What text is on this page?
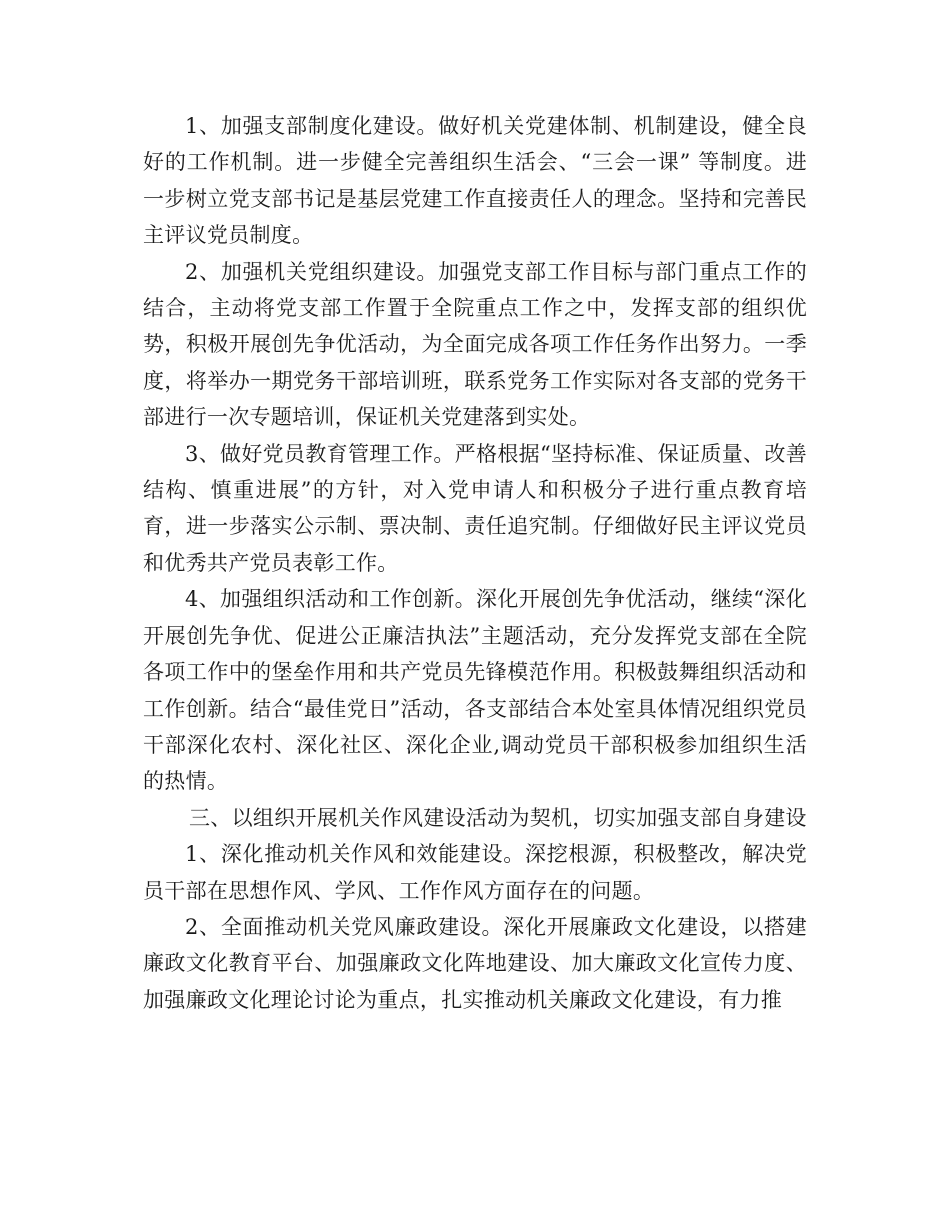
1、加强支部制度化建设。做好机关党建体制、机制建设，健全良好的工作机制。进一步健全完善组织生活会、“三会一课” 等制度。进一步树立党支部书记是基层党建工作直接责任人的理念。坚持和完善民主评议党员制度。

2、加强机关党组织建设。加强党支部工作目标与部门重点工作的结合，主动将党支部工作置于全院重点工作之中，发挥支部的组织优势，积极开展创先争优活动，为全面完成各项工作任务作出努力。一季度，将举办一期党务干部培训班，联系党务工作实际对各支部的党务干部进行一次专题培训，保证机关党建落到实处。

3、做好党员教育管理工作。严格根据“坚持标准、保证质量、改善结构、慎重进展”的方针，对入党申请人和积极分子进行重点教育培育，进一步落实公示制、票决制、责任追究制。仔细做好民主评议党员和优秀共产党员表彰工作。

4、加强组织活动和工作创新。深化开展创先争优活动，继续“深化开展创先争优、促进公正廉洁执法”主题活动，充分发挥党支部在全院各项工作中的堡垒作用和共产党员先锋模范作用。积极鼓舞组织活动和工作创新。结合“最佳党日”活动，各支部结合本处室具体情况组织党员干部深化农村、深化社区、深化企业,调动党员干部积极参加组织生活的热情。

三、以组织开展机关作风建设活动为契机，切实加强支部自身建设

1、深化推动机关作风和效能建设。深挖根源，积极整改，解决党员干部在思想作风、学风、工作作风方面存在的问题。

2、全面推动机关党风廉政建设。深化开展廉政文化建设，以搭建廉政文化教育平台、加强廉政文化阵地建设、加大廉政文化宣传力度、加强廉政文化理论讨论为重点，扎实推动机关廉政文化建设，有力推
